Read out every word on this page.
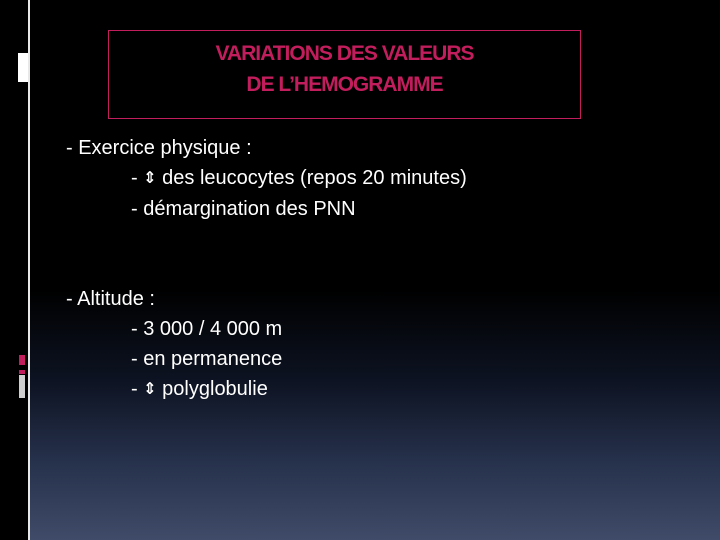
VARIATIONS DES VALEURS
DE L’HEMOGRAMME
- Exercice physique :
- ⇕ des leucocytes (repos 20 minutes)
- démargination des PNN
- Altitude :
- 3 000 / 4 000 m
- en permanence
- ⇕ polyglobulie
